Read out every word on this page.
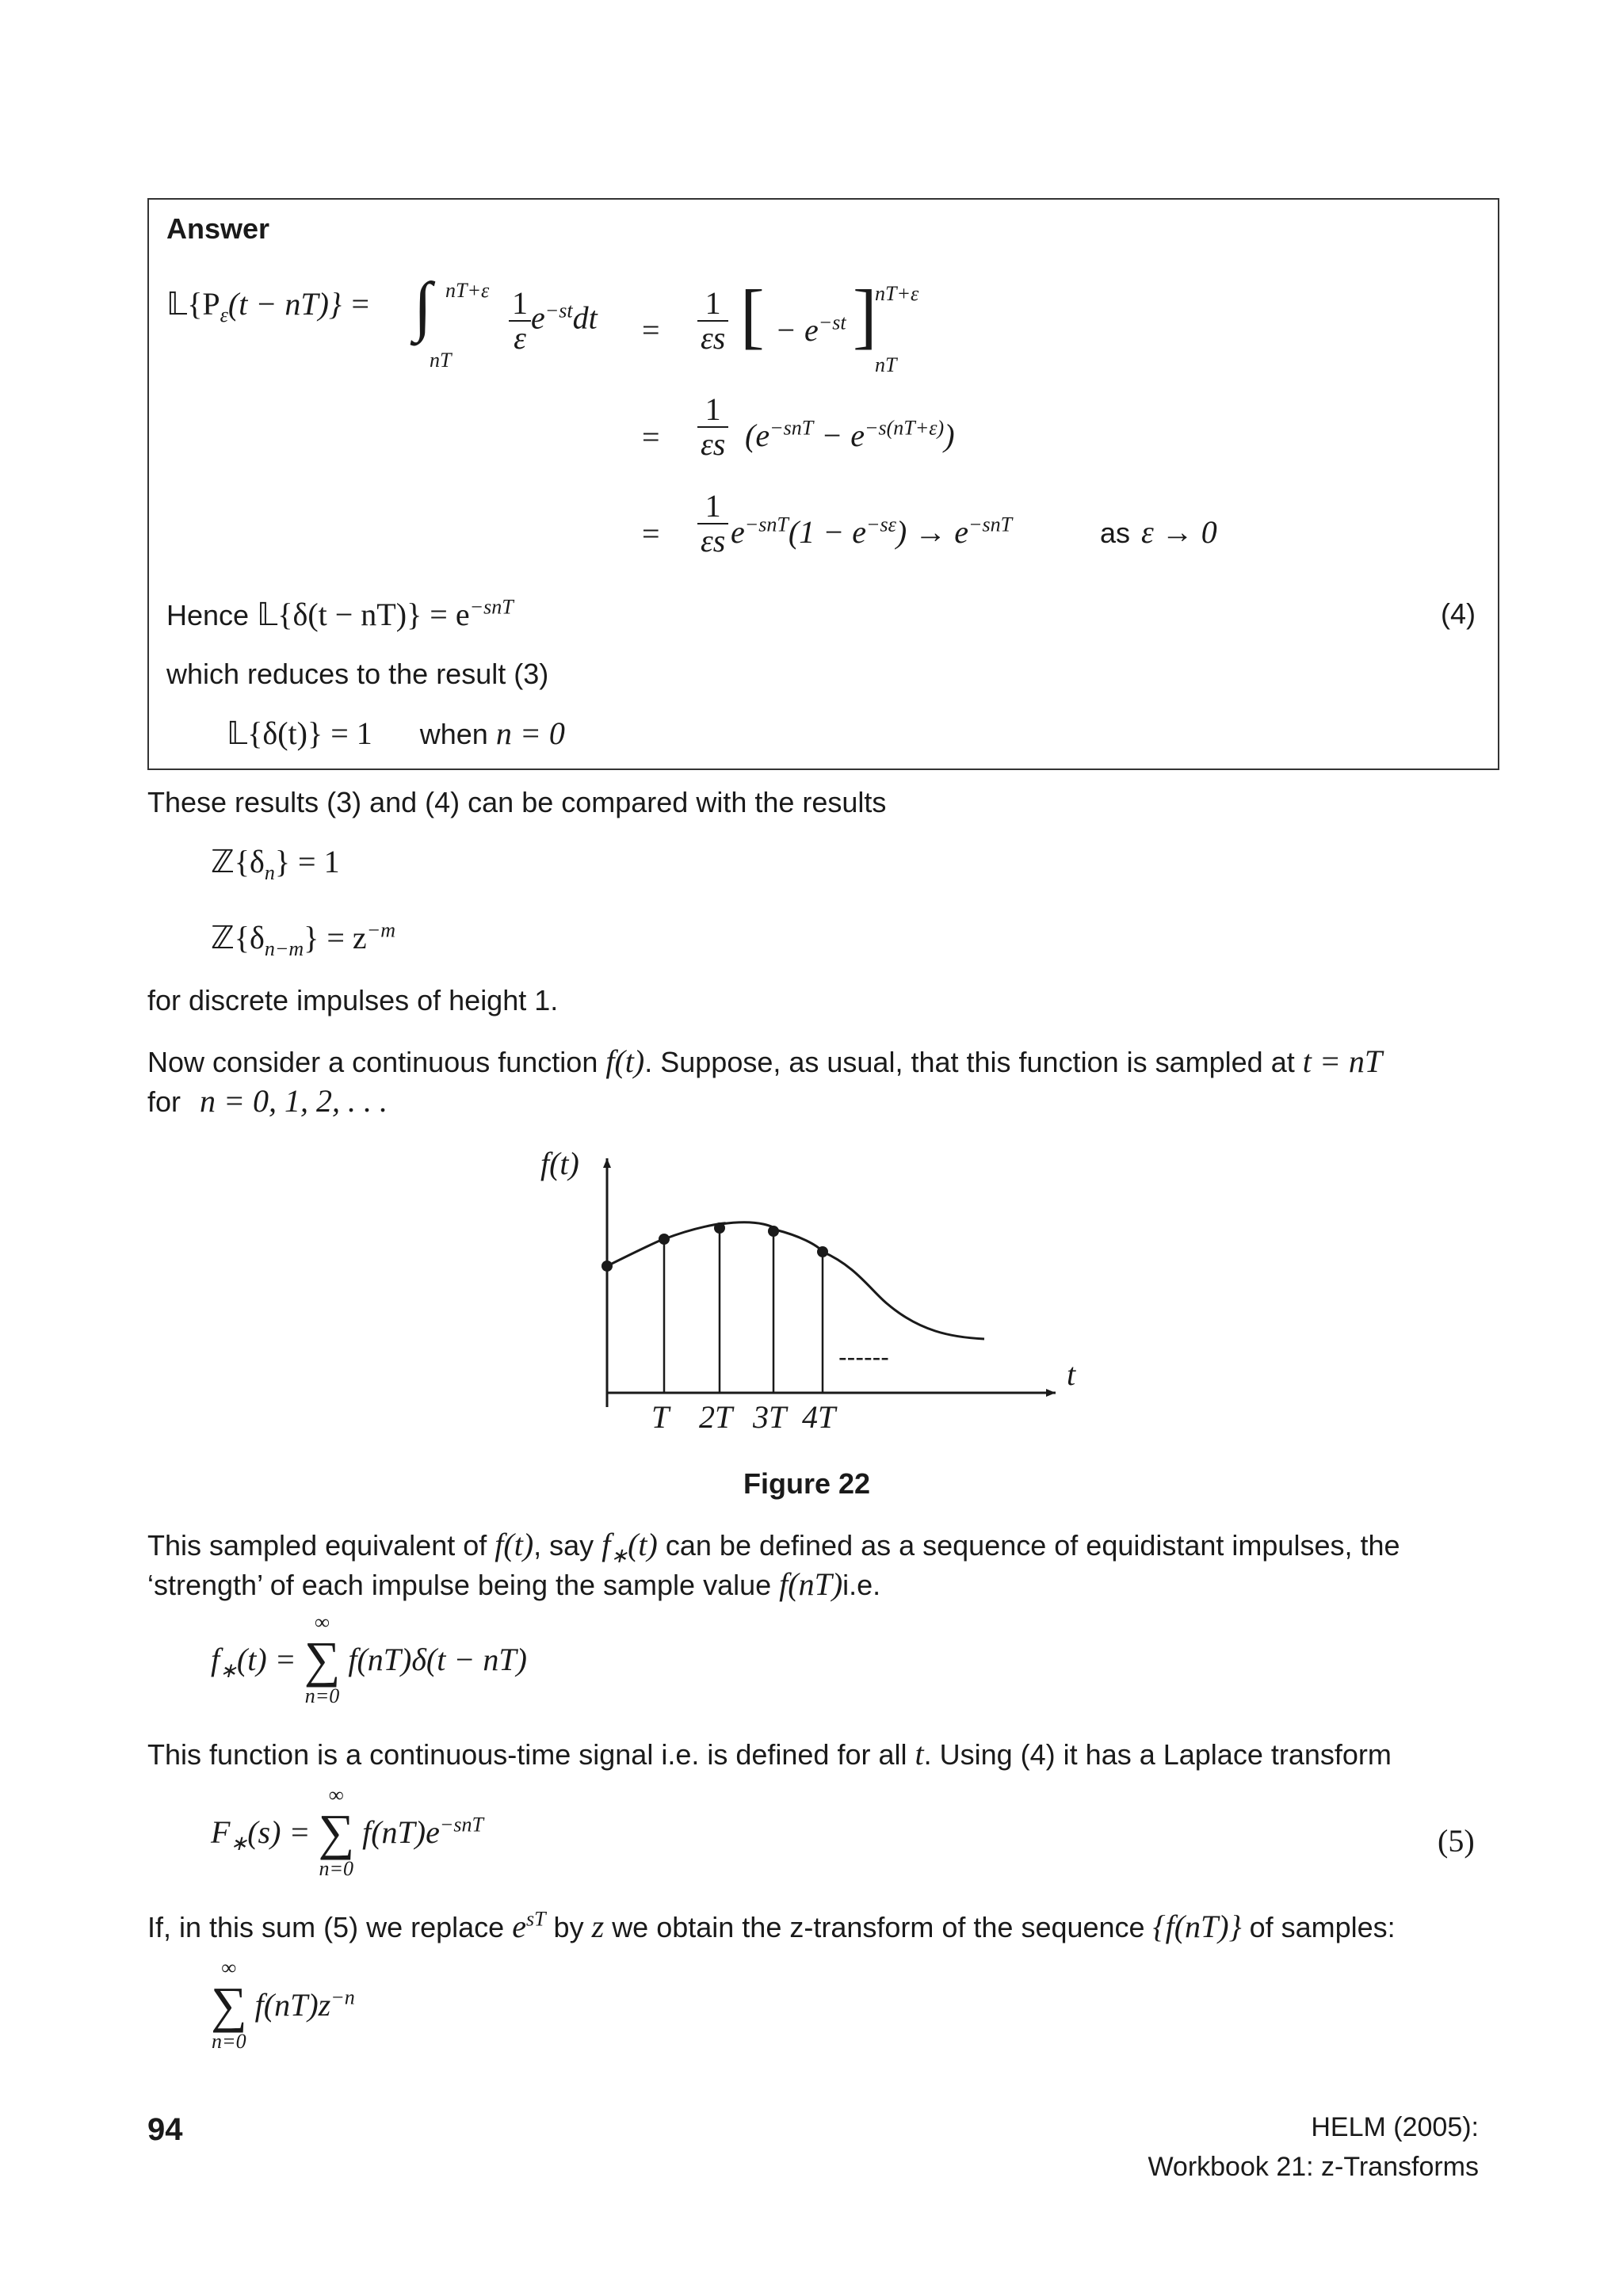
Answer
$𝕃\{P_\varepsilon(t - nT)\}$ = ∫ nT+ε
nT
$\frac{1}{\varepsilon} e^{-st}dt = \frac{1}{\varepsilon s}$ [ − $e^{-st}$ ]
nT+ε
nT
= $\frac{1}{\varepsilon s} (e^{-snT} - e^{-s(nT+\varepsilon)})$
= $\frac{1}{\varepsilon s} e^{-snT}(1 - e^{-s\varepsilon}) \to e^{-snT}$	as ε → 0
Hence 𝕃{δ(t − $nT)\} = e^{-snT}$	(4)
which reduces to the result (3)
𝕃{δ(t)} = 1 when n = 0
These results (3) and (4) can be compared with the results
$ℤ\{\delta_n\} = 1$
$ℤ\{\delta_{n-m}\} = z^{-m}$
for discrete impulses of height 1.
Now consider a continuous function f(t). Suppose, as usual, that this function is sampled at t = nT
for n = 0, 1, 2, . . .
f(t)
t
T 2T 3T 4T
------
Figure 22
This sampled equivalent of f(t), say $f_∗(t)$ can be defined as a sequence of equidistant impulses, the
‘strength’ of each impulse being the sample value f(nT)i.e.
$f_∗(t)$ =
∞
∑
n=0
f(nT)δ(t − nT)
This function is a continuous-time signal i.e. is defined for all t. Using (4) it has a Laplace transform
$F_∗(s)$ =
∞
∑
n=0
$f(nT)e^{-snT}$	(5)
If, in this sum (5) we replace $e^{sT}$ by z we obtain the z-transform of the sequence {f(nT)} of samples:
∞
∑
n=0
$f(nT)z^{-n}$
94	HELM (2005):
Workbook 21: z-Transforms
